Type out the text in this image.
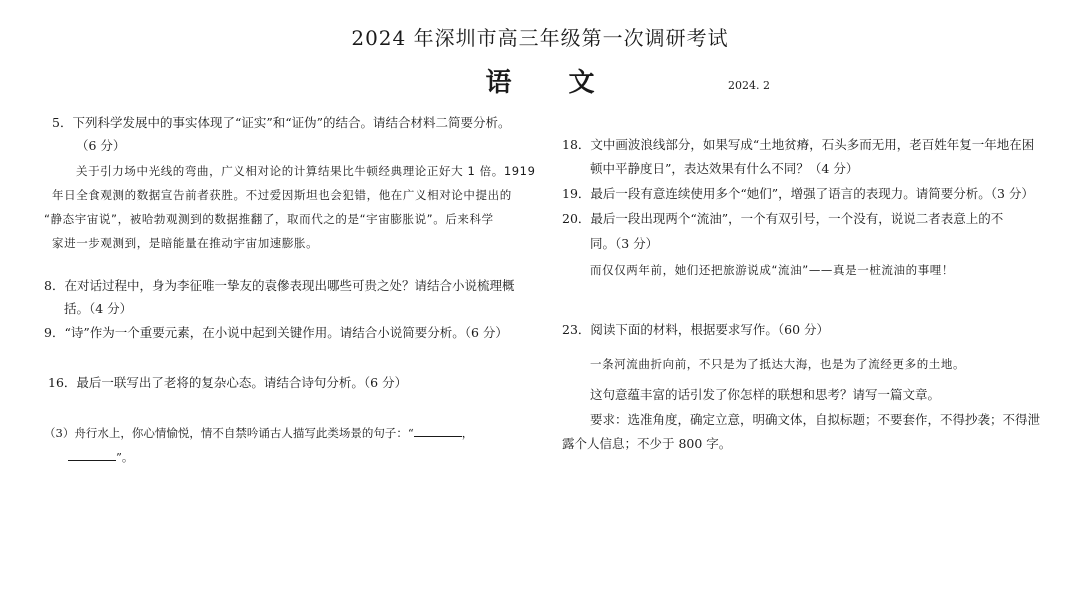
2024 年深圳市高三年级第一次调研考试
语 文	2024. 2
5．下列科学发展中的事实体现了“证实”和“证伪”的结合。请结合材料二简要分析。
（6 分）
关于引力场中光线的弯曲，广义相对论的计算结果比牛顿经典理论正好大 1 倍。1919
年日全食观测的数据宣告前者获胜。不过爱因斯坦也会犯错，他在广义相对论中提出的
“静态宇宙说”，被哈勃观测到的数据推翻了，取而代之的是“宇宙膨胀说”。后来科学
家进一步观测到，是暗能量在推动宇宙加速膨胀。
8．在对话过程中，身为李征唯一挚友的袁傪表现出哪些可贵之处？请结合小说梳理概
括。（4 分）
9．“诗”作为一个重要元素，在小说中起到关键作用。请结合小说简要分析。（6 分）
16．最后一联写出了老将的复杂心态。请结合诗句分析。（6 分）
（3）舟行水上，你心情愉悦，情不自禁吟诵古人描写此类场景的句子：“	，
”。
18．文中画波浪线部分，如果写成“土地贫瘠，石头多而无用，老百姓年复一年地在困
顿中平静度日”，表达效果有什么不同？（4 分）
19．最后一段有意连续使用多个“她们”，增强了语言的表现力。请简要分析。（3 分）
20．最后一段出现两个“流油”，一个有双引号，一个没有，说说二者表意上的不
同。（3 分）
而仅仅两年前，她们还把旅游说成“流油”——真是一桩流油的事哩！
23．阅读下面的材料，根据要求写作。（60 分）
一条河流曲折向前，不只是为了抵达大海，也是为了流经更多的土地。
这句意蕴丰富的话引发了你怎样的联想和思考？请写一篇文章。
要求：选准角度，确定立意，明确文体，自拟标题；不要套作，不得抄袭；不得泄
露个人信息；不少于 800 字。
